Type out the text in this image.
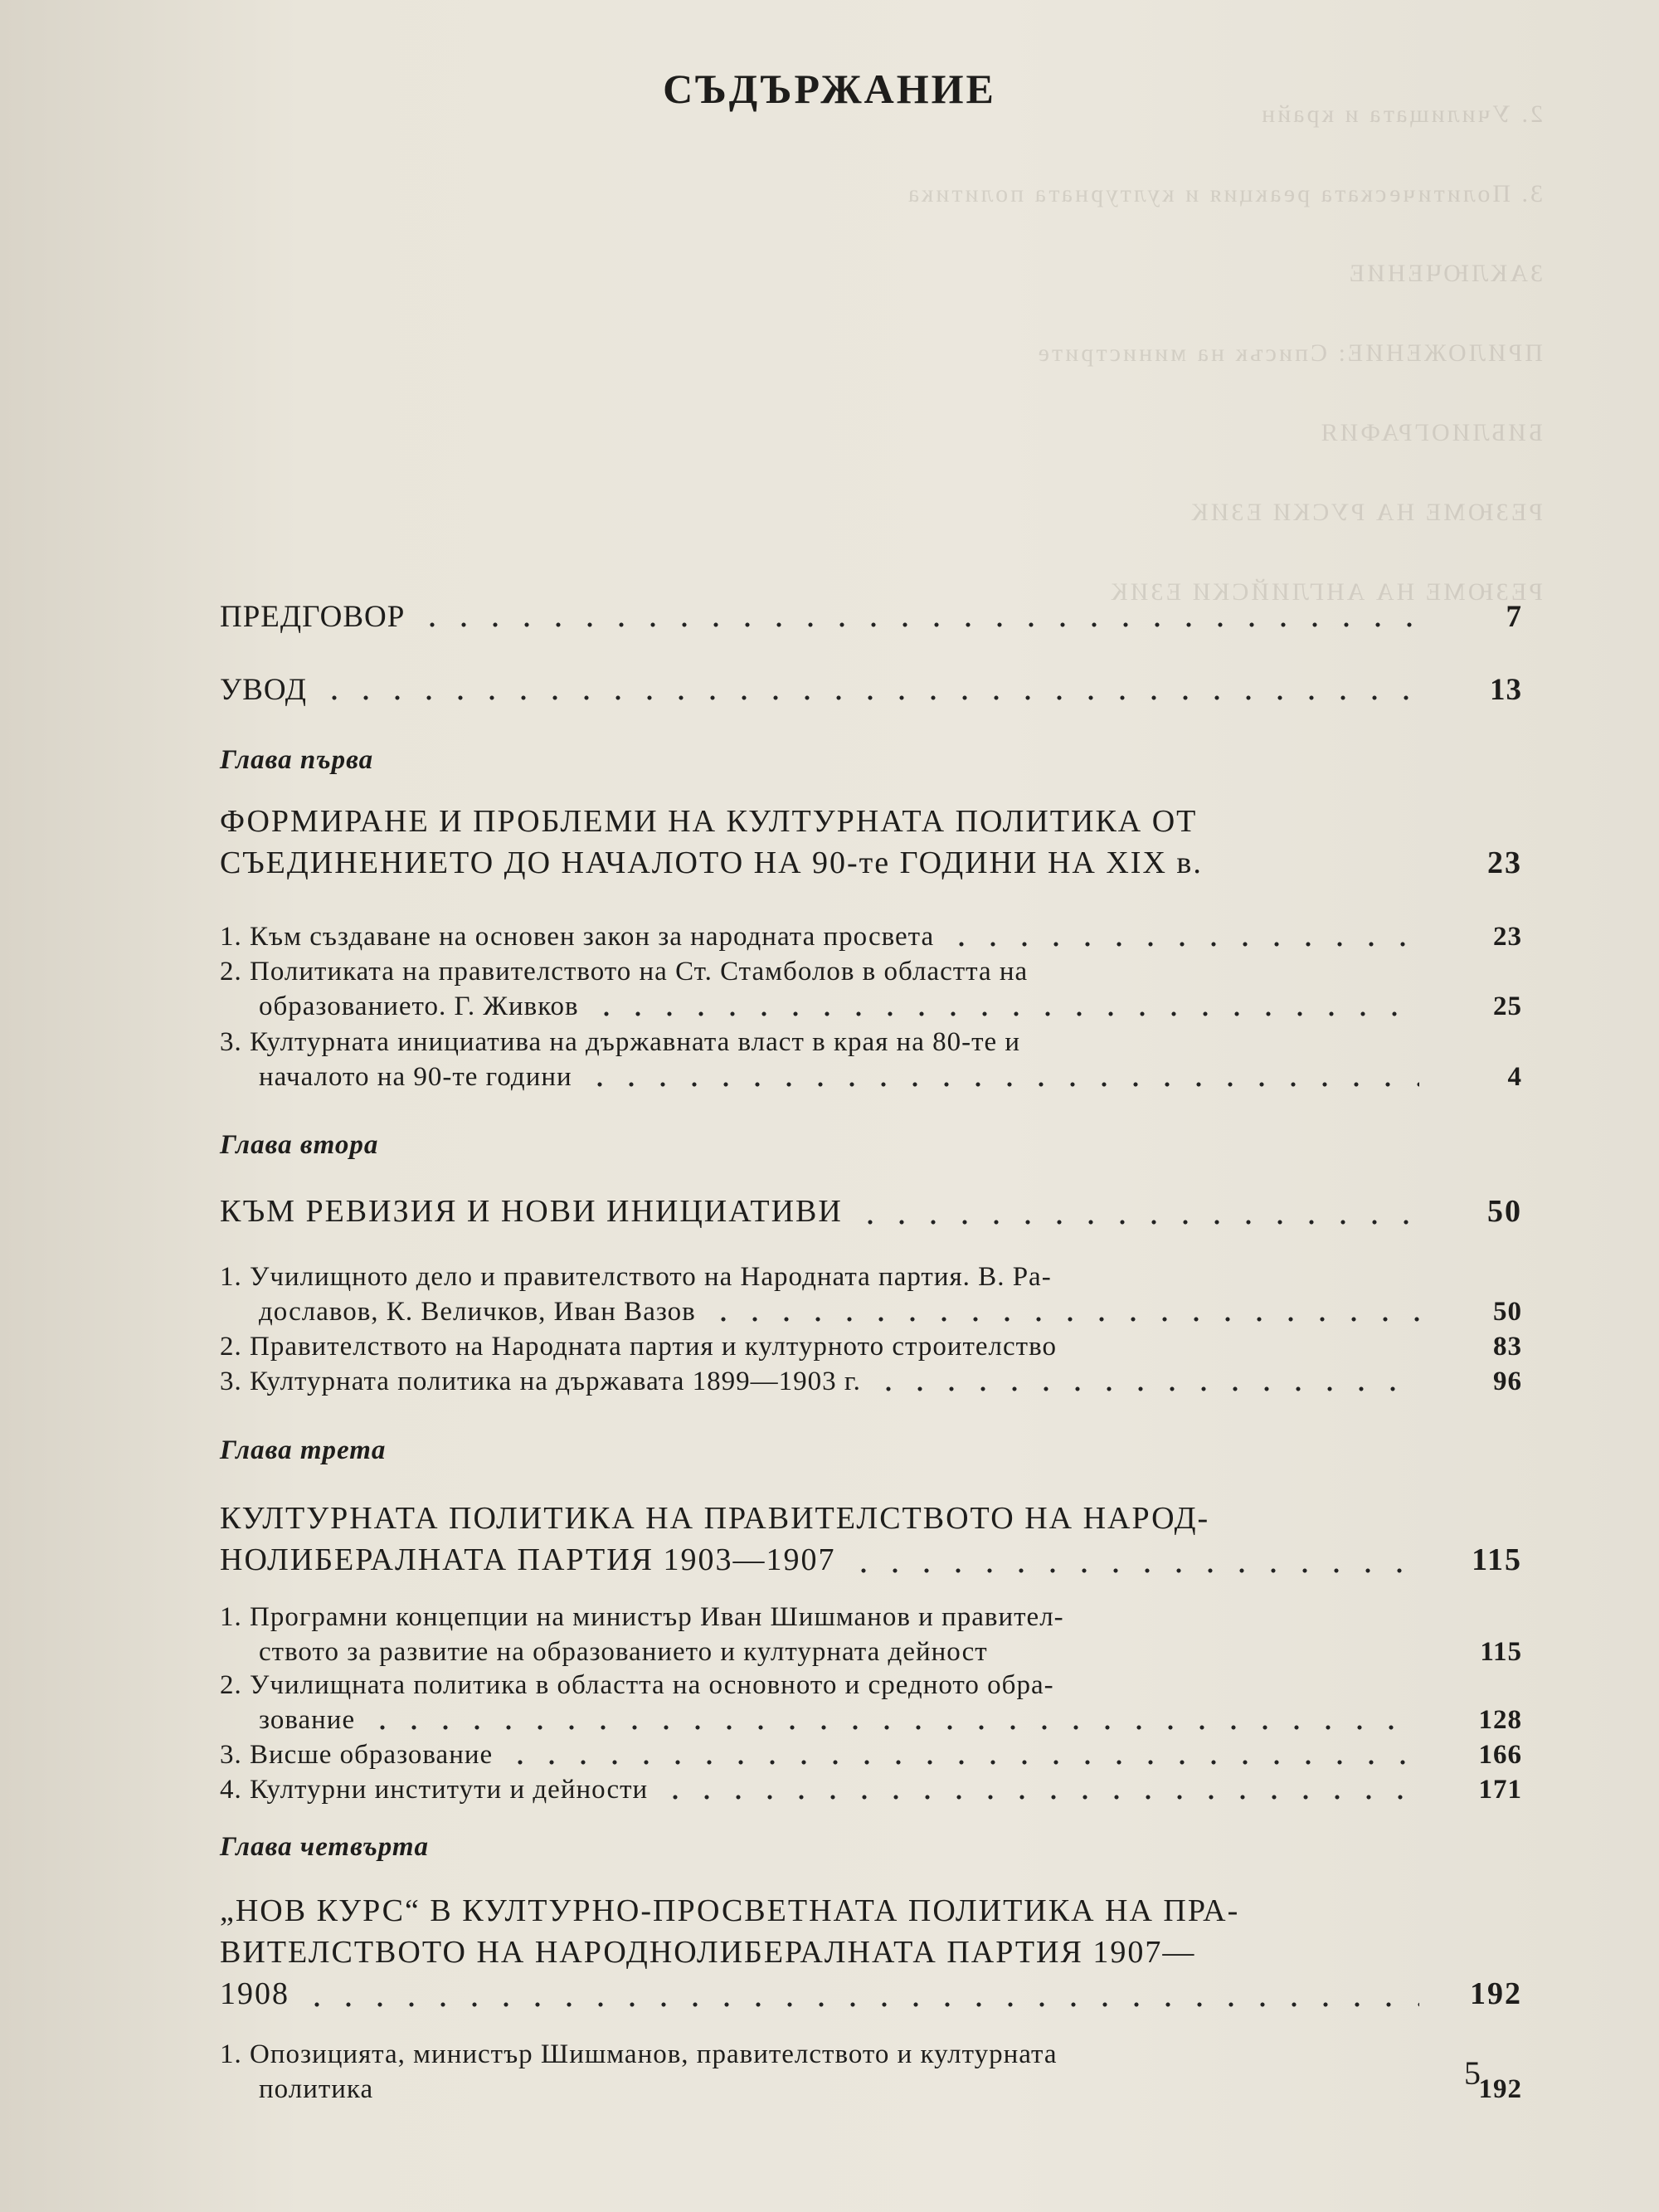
2. Училищата и крайн
3. Политическата реакция и културната политика
ЗАКЛЮЧЕНИЕ
ПРИЛОЖЕНИЕ: Списък на министрите
БИБЛИОГРАФИЯ
РЕЗЮМЕ НА РУСКИ ЕЗИК
РЕЗЮМЕ НА АНГЛИЙСКИ ЕЗИК
СЪДЪРЖАНИЕ
ПРЕДГОВОР	7
УВОД	13
Глава първа
ФОРМИРАНЕ И ПРОБЛЕМИ НА КУЛТУРНАТА ПОЛИТИКА ОТ
СЪЕДИНЕНИЕТО ДО НАЧАЛОТО НА 90-те ГОДИНИ НА XIX в.	23
1. Към създаване на основен закон за народната просвета	23
2. Политиката на правителството на Ст. Стамболов в областта на
образованието. Г. Живков	25
3. Културната инициатива на държавната власт в края на 80-те и
началото на 90-те години	4
Глава втора
КЪМ РЕВИЗИЯ И НОВИ ИНИЦИАТИВИ	50
1. Училищното дело и правителството на Народната партия. В. Ра-
дославов, К. Величков, Иван Вазов	50
2. Правителството на Народната партия и културното строителство	83
3. Културната политика на държавата 1899—1903 г.	96
Глава трета
КУЛТУРНАТА ПОЛИТИКА НА ПРАВИТЕЛСТВОТО НА НАРОД-
НОЛИБЕРАЛНАТА ПАРТИЯ 1903—1907	115
1. Програмни концепции на министър Иван Шишманов и правител-
ството за развитие на образованието и културната дейност	115
2. Училищната политика в областта на основното и средното обра-
зование	128
3. Висше образование	166
4. Културни институти и дейности	171
Глава четвърта
„НОВ КУРС“ В КУЛТУРНО-ПРОСВЕТНАТА ПОЛИТИКА НА ПРА-
ВИТЕЛСТВОТО НА НАРОДНОЛИБЕРАЛНАТА ПАРТИЯ 1907—
1908	192
1. Опозицията, министър Шишманов, правителството и културната
политика	192
5
